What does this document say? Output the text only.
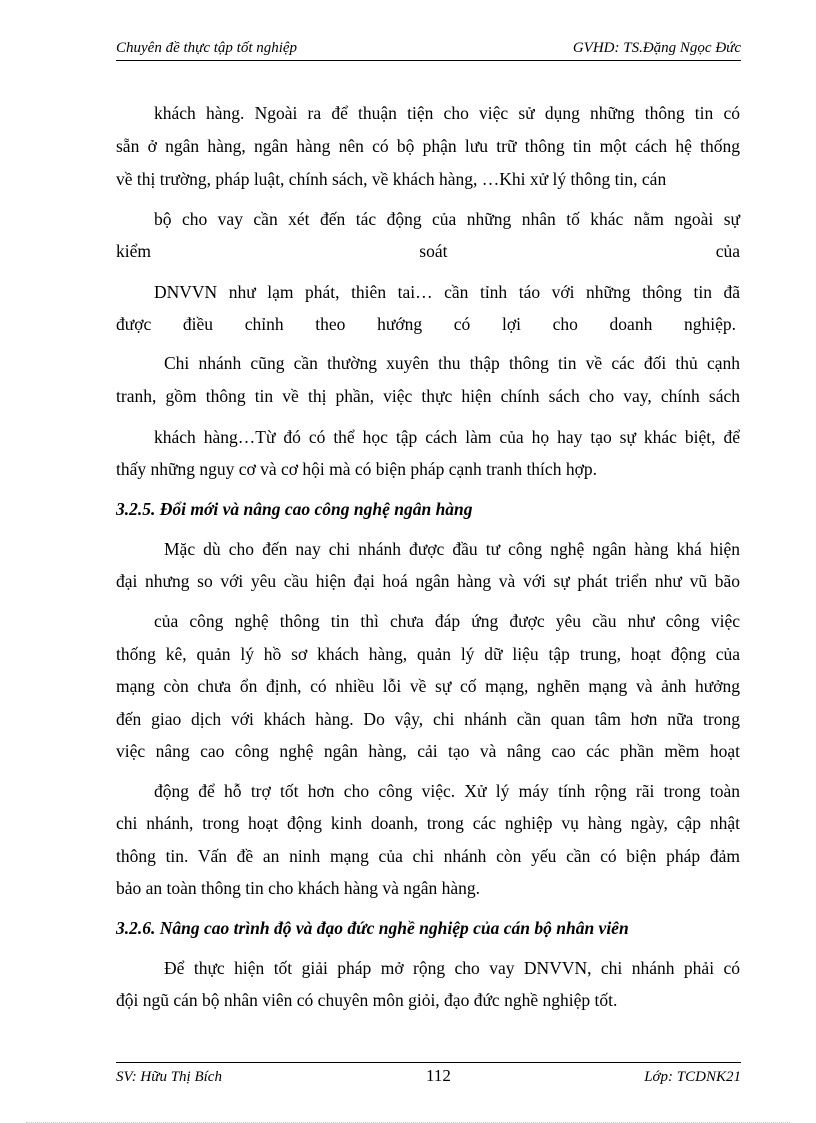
Chuyên đề thực tập tốt nghiệp	GVHD: TS.Đặng Ngọc Đức
khách hàng. Ngoài ra để thuận tiện cho việc sử dụng những thông tin có
sẵn ở ngân hàng, ngân hàng nên có bộ phận lưu trữ thông tin một cách hệ thống
về thị trường, pháp luật, chính sách, về khách hàng, …Khi xử lý thông tin, cán
bộ cho vay cần xét đến tác động của những nhân tố khác nằm ngoài sự
kiểm soát của
DNVVN như lạm phát, thiên tai… cần tỉnh táo với những thông tin đã
được điều chỉnh theo hướng có lợi cho doanh nghiệp.
Chi nhánh cũng cần thường xuyên thu thập thông tin về các đối thủ cạnh
tranh, gồm thông tin về thị phần, việc thực hiện chính sách cho vay, chính sách
khách hàng…Từ đó có thể học tập cách làm của họ hay tạo sự khác biệt, để
thấy những nguy cơ và cơ hội mà có biện pháp cạnh tranh thích hợp.
3.2.5. Đổi mới và nâng cao công nghệ ngân hàng
Mặc dù cho đến nay chi nhánh được đầu tư công nghệ ngân hàng khá hiện
đại nhưng so với yêu cầu hiện đại hoá ngân hàng và với sự phát triển như vũ bão
của công nghệ thông tin thì chưa đáp ứng được yêu cầu như công việc
thống kê, quản lý hồ sơ khách hàng, quản lý dữ liệu tập trung, hoạt động của
mạng còn chưa ổn định, có nhiều lỗi về sự cố mạng, nghẽn mạng và ảnh hưởng
đến giao dịch với khách hàng. Do vậy, chi nhánh cần quan tâm hơn nữa trong
việc nâng cao công nghệ ngân hàng, cải tạo và nâng cao các phần mềm hoạt
động để hỗ trợ tốt hơn cho công việc. Xử lý máy tính rộng rãi trong toàn
chi nhánh, trong hoạt động kinh doanh, trong các nghiệp vụ hàng ngày, cập nhật
thông tin. Vấn đề an ninh mạng của chi nhánh còn yếu cần có biện pháp đảm
bảo an toàn thông tin cho khách hàng và ngân hàng.
3.2.6. Nâng cao trình độ và đạo đức nghề nghiệp của cán bộ nhân viên
Để thực hiện tốt giải pháp mở rộng cho vay DNVVN, chi nhánh phải có
đội ngũ cán bộ nhân viên có chuyên môn giỏi, đạo đức nghề nghiệp tốt.
SV: Hữu Thị Bích	112	Lớp: TCDNK21
